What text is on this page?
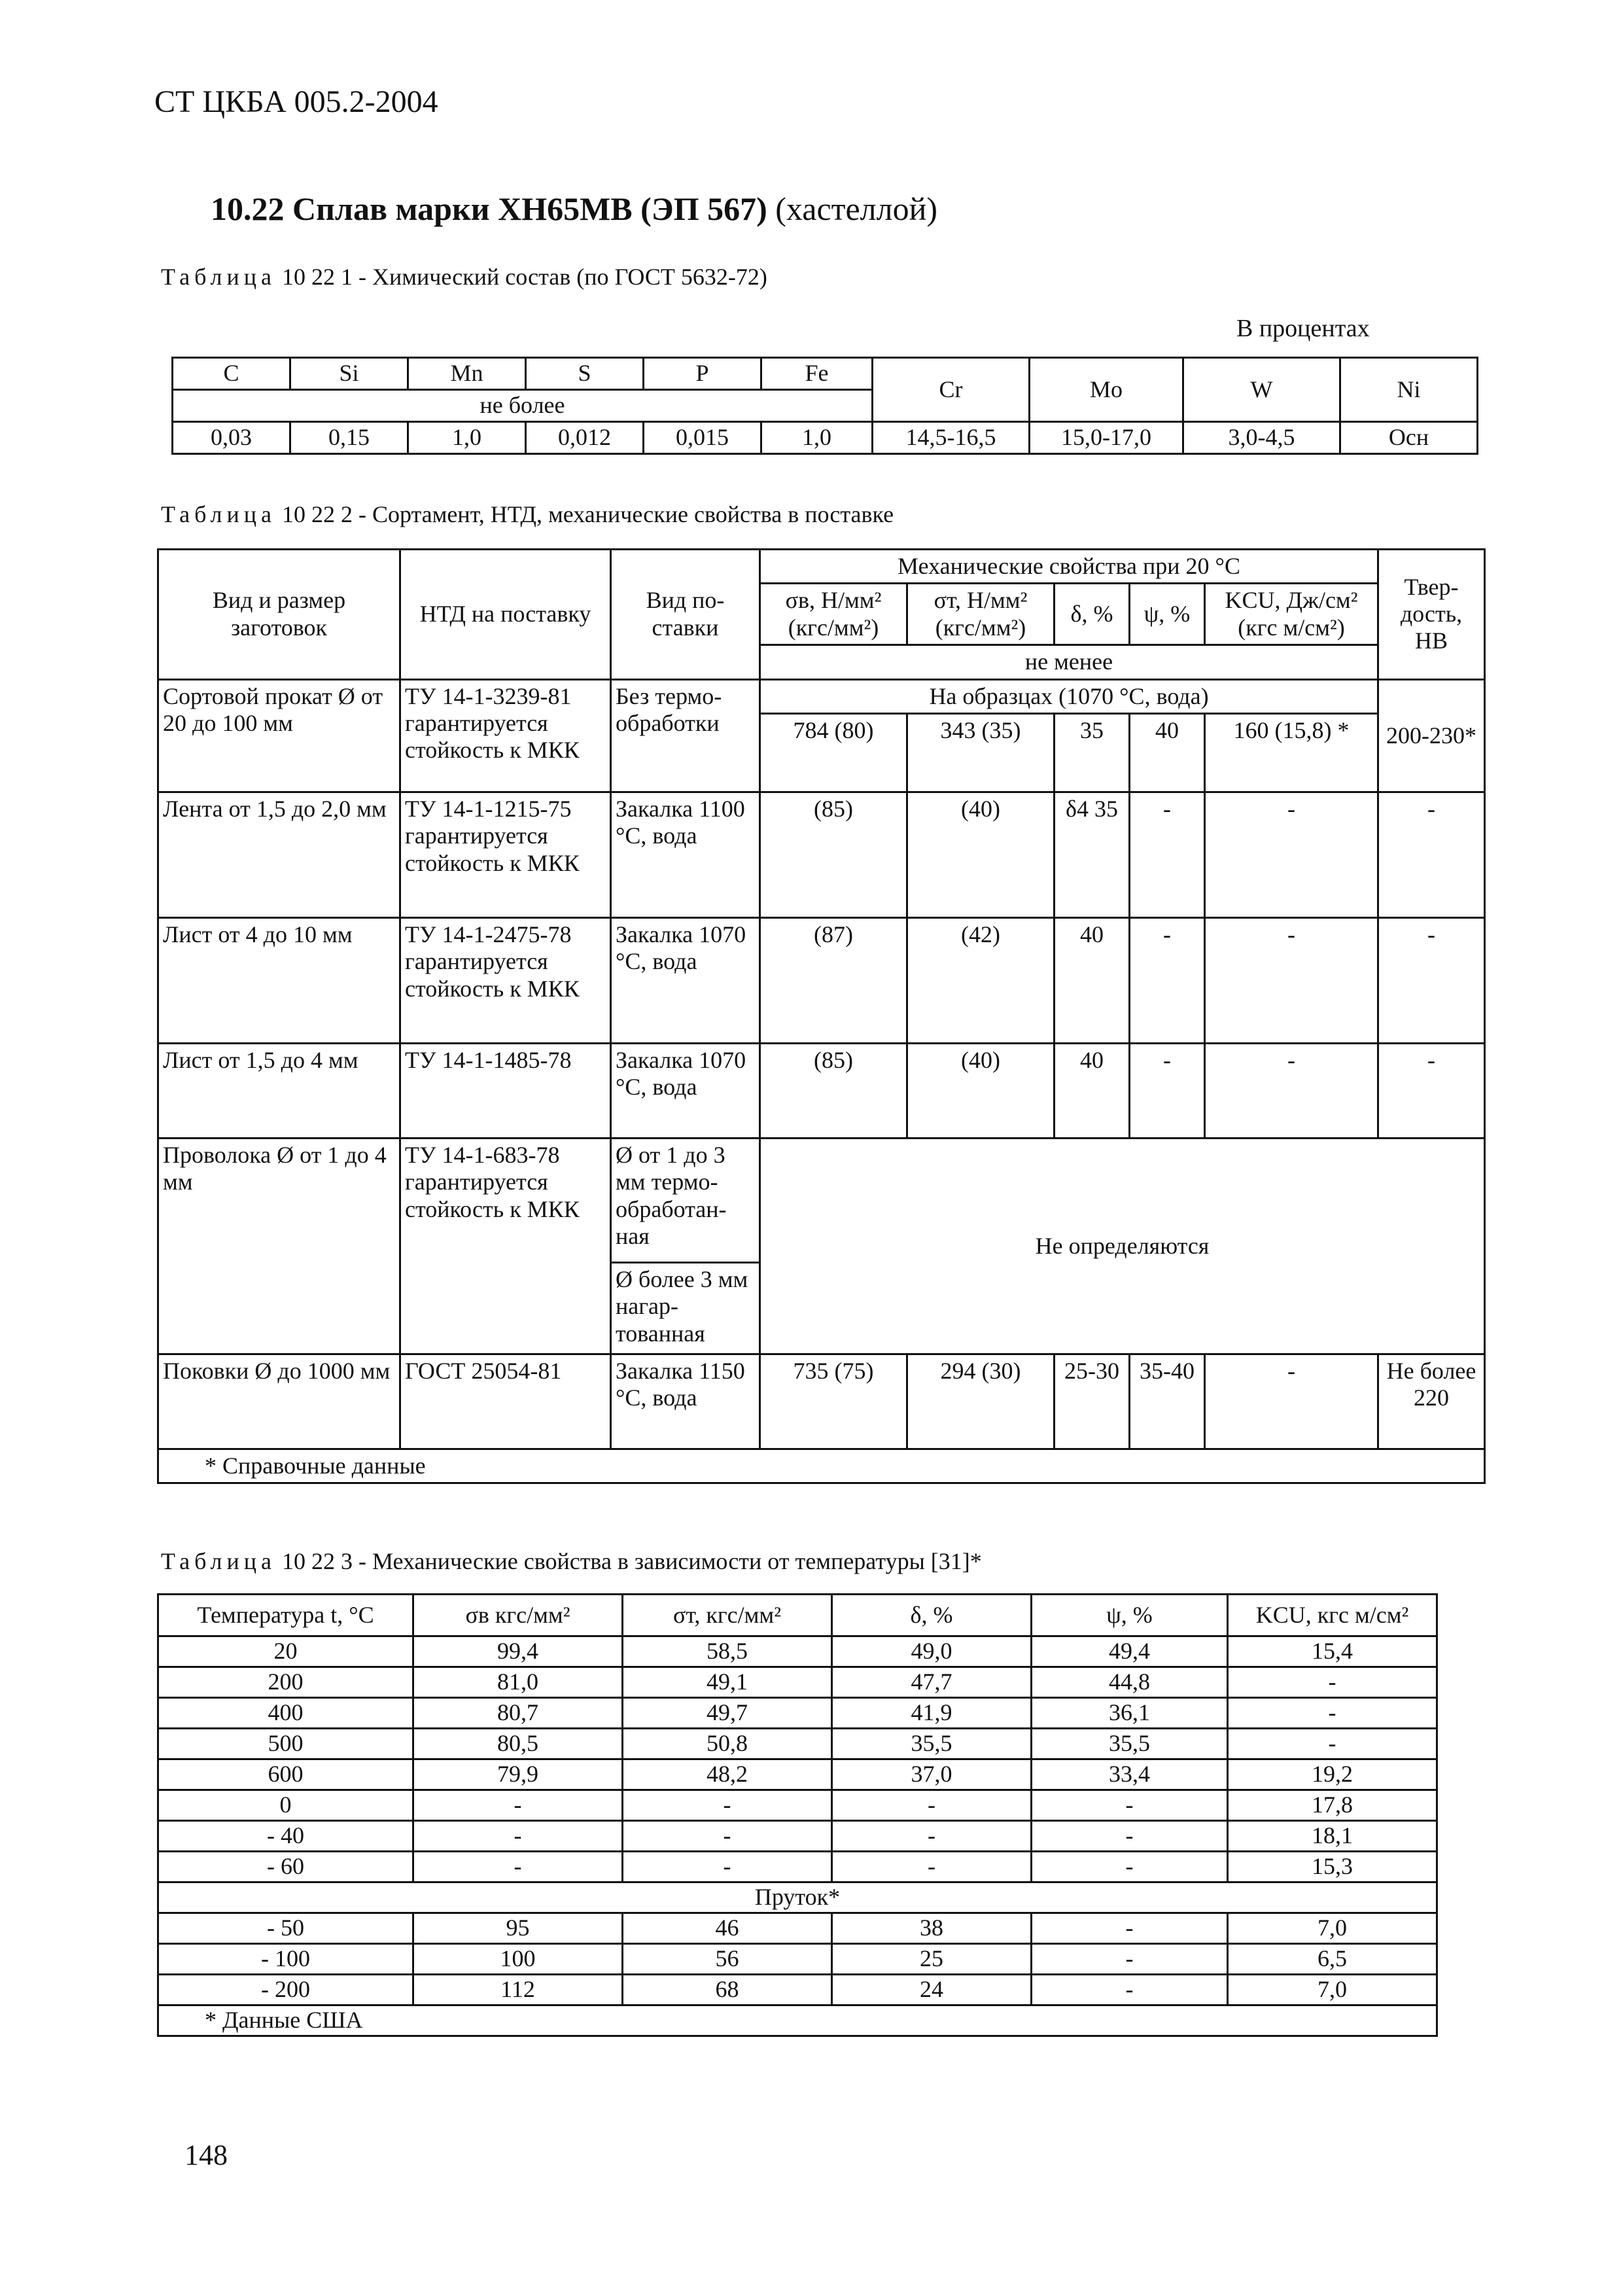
СТ ЦКБА 005.2-2004
10.22 Сплав марки ХН65МВ (ЭП 567) (хастеллой)
Таблица 10 22 1 - Химический состав (по ГОСТ 5632-72)
В процентах
С	Si	Mn	S	P	Fe	Cr	Mo	W	Ni
не более									
0,03	0,15	1,0	0,012	0,015	1,0	14,5-16,5	15,0-17,0	3,0-4,5	Осн
Таблица 10 22 2 - Сортамент, НТД, механические свойства в поставке
Вид и размер заготовок	НТД на поставку	Вид по-ставки	Механические свойства при 20 °С					Твер-дость, НВ
			σв, Н/мм² (кгс/мм²)	σт, Н/мм² (кгс/мм²)	δ, %	ψ, %	KCU, Дж/см² (кгс м/см²)	
			не менее					
Сортовой прокат Ø от 20 до 100 мм	ТУ 14-1-3239-81 гарантируется стойкость к МКК	Без термо-обработки	На образцах (1070 °С, вода)					200-230*
			784 (80)	343 (35)	35	40	160 (15,8) *	
Лента от 1,5 до 2,0 мм	ТУ 14-1-1215-75 гарантируется стойкость к МКК	Закалка 1100 °С, вода	(85)	(40)	δ4 35	-	-	-
Лист от 4 до 10 мм	ТУ 14-1-2475-78 гарантируется стойкость к МКК	Закалка 1070 °С, вода	(87)	(42)	40	-	-	-
Лист от 1,5 до 4 мм	ТУ 14-1-1485-78	Закалка 1070 °С, вода	(85)	(40)	40	-	-	-
Проволока Ø от 1 до 4 мм	ТУ 14-1-683-78 гарантируется стойкость к МКК	Ø от 1 до 3 мм термо-обработан-ная	Не определяются					
		Ø более 3 мм нагар-тованная						
Поковки Ø до 1000 мм	ГОСТ 25054-81	Закалка 1150 °С, вода	735 (75)	294 (30)	25-30	35-40	-	Не более 220
* Справочные данные								
Таблица 10 22 3 - Механические свойства в зависимости от температуры [31]*
Температура t, °С	σв кгс/мм²	σт, кгс/мм²	δ, %	ψ, %	KCU, кгс м/см²
20	99,4	58,5	49,0	49,4	15,4
200	81,0	49,1	47,7	44,8	-
400	80,7	49,7	41,9	36,1	-
500	80,5	50,8	35,5	35,5	-
600	79,9	48,2	37,0	33,4	19,2
0	-	-	-	-	17,8
- 40	-	-	-	-	18,1
- 60	-	-	-	-	15,3
Пруток*					
- 50	95	46	38	-	7,0
- 100	100	56	25	-	6,5
- 200	112	68	24	-	7,0
* Данные США					
148
